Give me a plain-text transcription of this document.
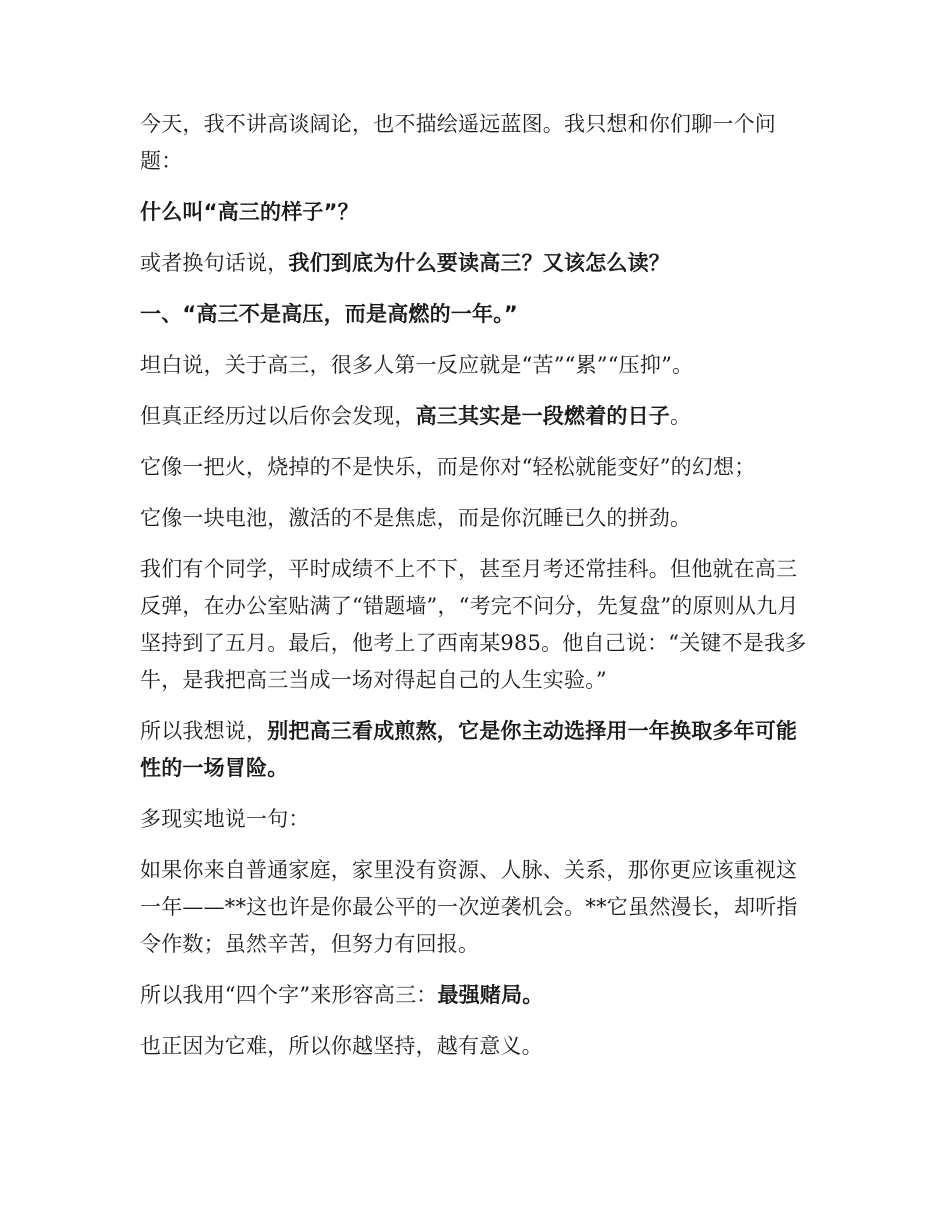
今天，我不讲高谈阔论，也不描绘遥远蓝图。我只想和你们聊一个问题：

什么叫“高三的样子”？

或者换句话说，我们到底为什么要读高三？又该怎么读？

一、“高三不是高压，而是高燃的一年。”

坦白说，关于高三，很多人第一反应就是“苦”“累”“压抑”。

但真正经历过以后你会发现，高三其实是一段燃着的日子。

它像一把火，烧掉的不是快乐，而是你对“轻松就能变好”的幻想；

它像一块电池，激活的不是焦虑，而是你沉睡已久的拼劲。

我们有个同学，平时成绩不上不下，甚至月考还常挂科。但他就在高三反弹，在办公室贴满了“错题墙”，“考完不问分，先复盘”的原则从九月坚持到了五月。最后，他考上了西南某985。他自己说：“关键不是我多牛，是我把高三当成一场对得起自己的人生实验。”

所以我想说，别把高三看成煎熬，它是你主动选择用一年换取多年可能性的一场冒险。

多现实地说一句：

如果你来自普通家庭，家里没有资源、人脉、关系，那你更应该重视这一年——**这也许是你最公平的一次逆袭机会。**它虽然漫长，却听指令作数；虽然辛苦，但努力有回报。

所以我用“四个字”来形容高三：最强赌局。

也正因为它难，所以你越坚持，越有意义。
